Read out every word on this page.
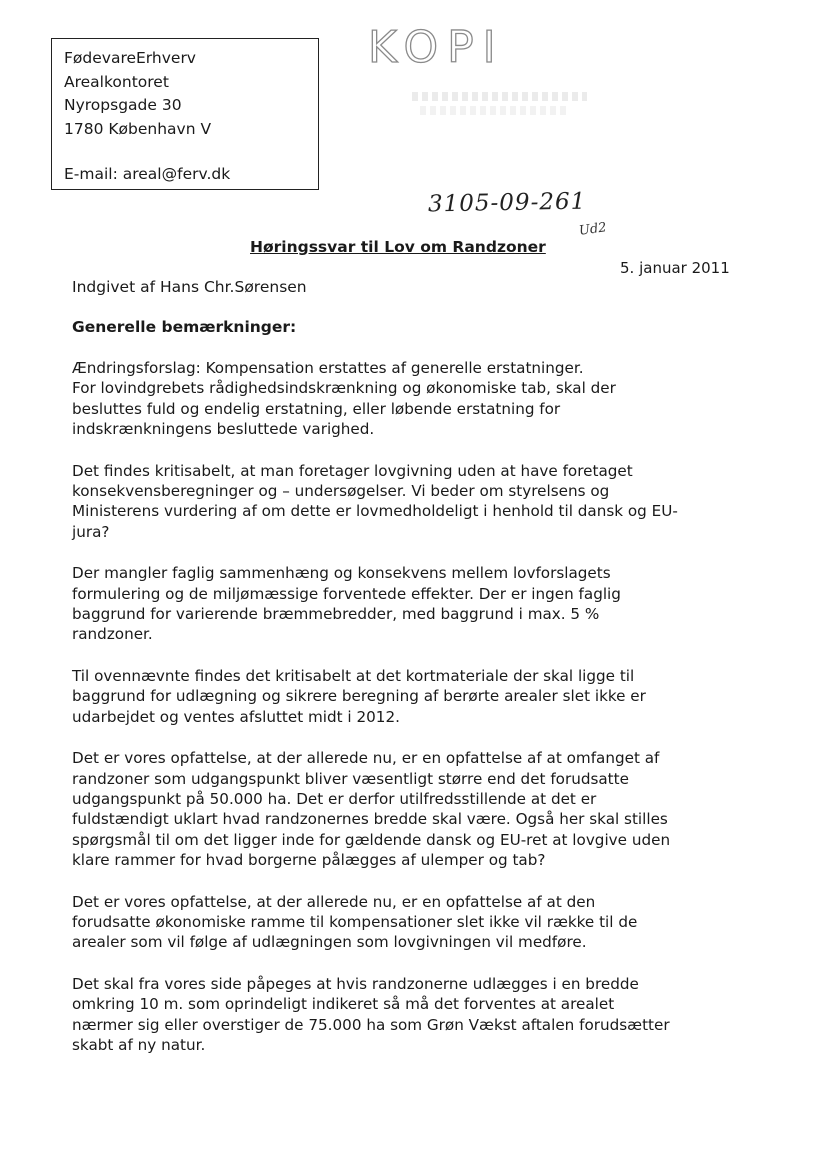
FødevareErhverv
Arealkontoret
Nyropsgade 30
1780 København V
E-mail: areal@ferv.dk
KOPI
3105-09-261
Ud2
Høringssvar til Lov om Randzoner
5. januar 2011
Indgivet af Hans Chr.Sørensen
Generelle bemærkninger:
Ændringsforslag: Kompensation erstattes af generelle erstatninger.
For lovindgrebets rådighedsindskrænkning og økonomiske tab, skal der
besluttes fuld og endelig erstatning, eller løbende erstatning for
indskrænkningens besluttede varighed.
Det findes kritisabelt, at man foretager lovgivning uden at have foretaget
konsekvensberegninger og – undersøgelser. Vi beder om styrelsens og
Ministerens vurdering af om dette er lovmedholdeligt i henhold til dansk og EU-
jura?
Der mangler faglig sammenhæng og konsekvens mellem lovforslagets
formulering og de miljømæssige forventede effekter. Der er ingen faglig
baggrund for varierende bræmmebredder, med baggrund i max. 5 %
randzoner.
Til ovennævnte findes det kritisabelt at det kortmateriale der skal ligge til
baggrund for udlægning og sikrere beregning af berørte arealer slet ikke er
udarbejdet og ventes afsluttet midt i 2012.
Det er vores opfattelse, at der allerede nu, er en opfattelse af at omfanget af
randzoner som udgangspunkt bliver væsentligt større end det forudsatte
udgangspunkt på 50.000 ha. Det er derfor utilfredsstillende at det er
fuldstændigt uklart hvad randzonernes bredde skal være. Også her skal stilles
spørgsmål til om det ligger inde for gældende dansk og EU-ret at lovgive uden
klare rammer for hvad borgerne pålægges af ulemper og tab?
Det er vores opfattelse, at der allerede nu, er en opfattelse af at den
forudsatte økonomiske ramme til kompensationer slet ikke vil række til de
arealer som vil følge af udlægningen som lovgivningen vil medføre.
Det skal fra vores side påpeges at hvis randzonerne udlægges i en bredde
omkring 10 m. som oprindeligt indikeret så må det forventes at arealet
nærmer sig eller overstiger de 75.000 ha som Grøn Vækst aftalen forudsætter
skabt af ny natur.
